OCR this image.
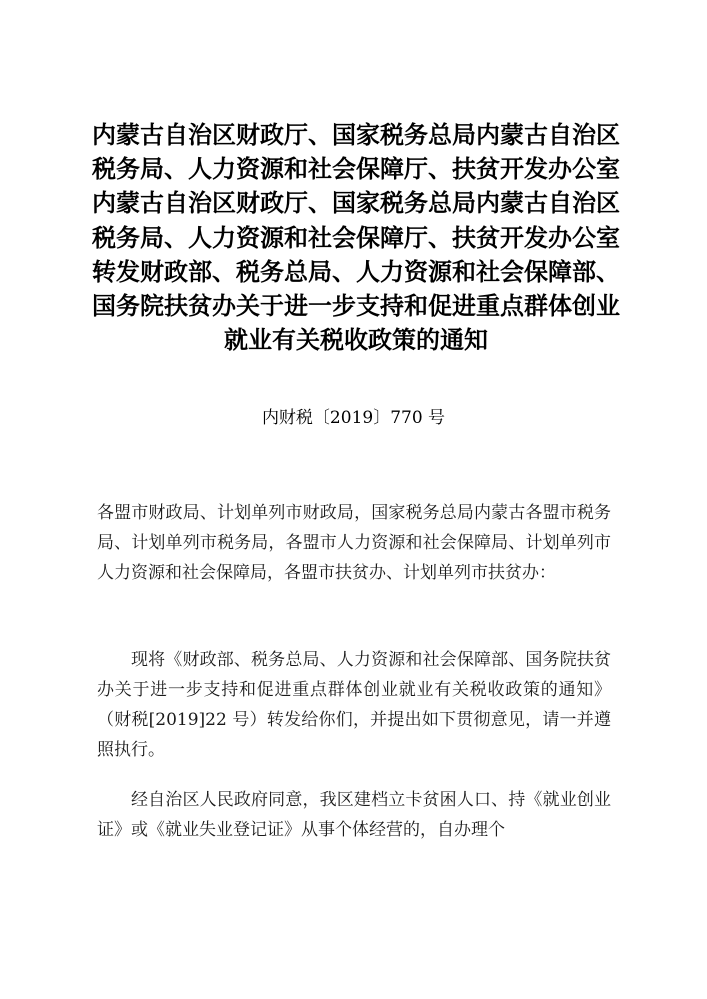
内蒙古自治区财政厅、国家税务总局内蒙古自治区税务局、人力资源和社会保障厅、扶贫开发办公室 内蒙古自治区财政厅、国家税务总局内蒙古自治区税务局、人力资源和社会保障厅、扶贫开发办公室转发财政部、税务总局、人力资源和社会保障部、国务院扶贫办关于进一步支持和促进重点群体创业就业有关税收政策的通知

内财税〔2019〕770 号

各盟市财政局、计划单列市财政局，国家税务总局内蒙古各盟市税务局、计划单列市税务局，各盟市人力资源和社会保障局、计划单列市人力资源和社会保障局，各盟市扶贫办、计划单列市扶贫办：

现将《财政部、税务总局、人力资源和社会保障部、国务院扶贫办关于进一步支持和促进重点群体创业就业有关税收政策的通知》（财税[2019]22 号）转发给你们，并提出如下贯彻意见，请一并遵照执行。

经自治区人民政府同意，我区建档立卡贫困人口、持《就业创业证》或《就业失业登记证》从事个体经营的，自办理个
